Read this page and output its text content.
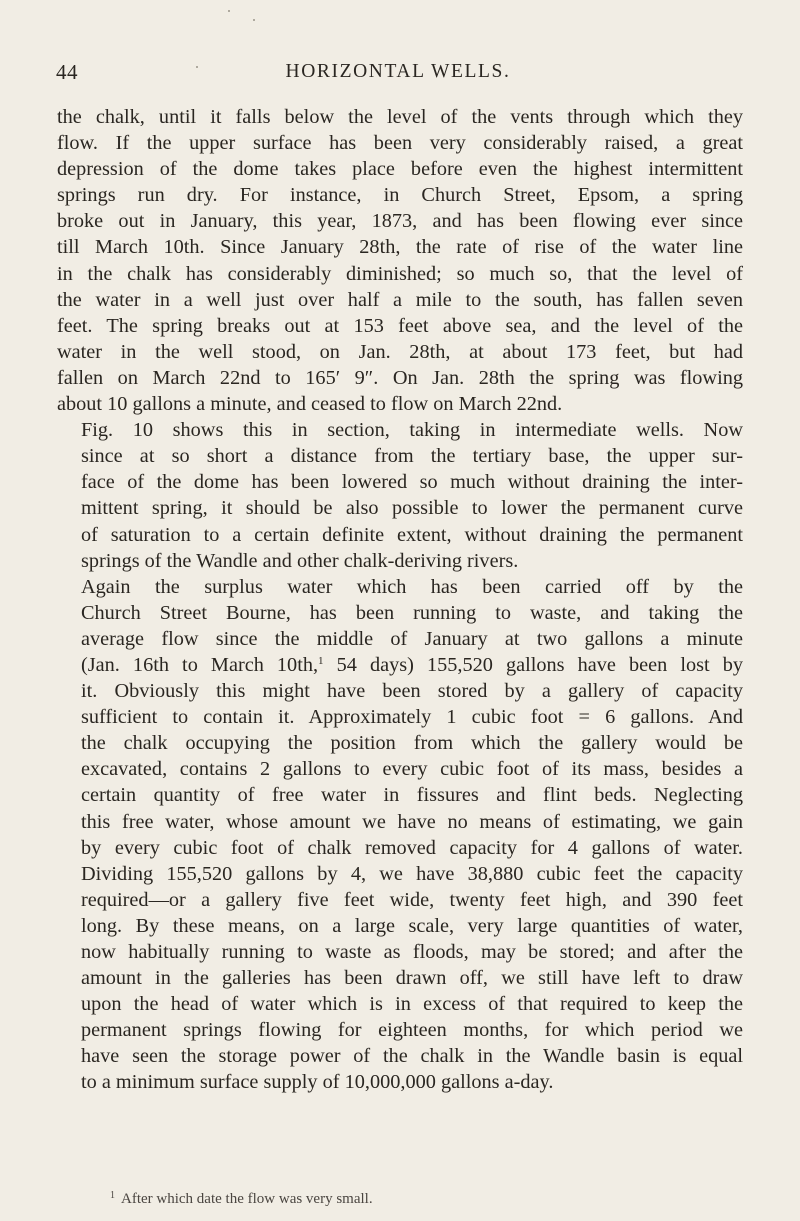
44	HORIZONTAL WELLS.

the chalk, until it falls below the level of the vents through which they
flow. If the upper surface has been very considerably raised, a great
depression of the dome takes place before even the highest intermittent
springs run dry. For instance, in Church Street, Epsom, a spring
broke out in January, this year, 1873, and has been flowing ever since
till March 10th. Since January 28th, the rate of rise of the water line
in the chalk has considerably diminished; so much so, that the level of
the water in a well just over half a mile to the south, has fallen seven
feet. The spring breaks out at 153 feet above sea, and the level of the
water in the well stood, on Jan. 28th, at about 173 feet, but had
fallen on March 22nd to 165′ 9″. On Jan. 28th the spring was flowing
about 10 gallons a minute, and ceased to flow on March 22nd.

Fig. 10 shows this in section, taking in intermediate wells. Now
since at so short a distance from the tertiary base, the upper sur-
face of the dome has been lowered so much without draining the inter-
mittent spring, it should be also possible to lower the permanent curve
of saturation to a certain definite extent, without draining the permanent
springs of the Wandle and other chalk-deriving rivers.

Again the surplus water which has been carried off by the
Church Street Bourne, has been running to waste, and taking the
average flow since the middle of January at two gallons a minute
(Jan. 16th to March 10th,$^1$ 54 days) 155,520 gallons have been lost by
it. Obviously this might have been stored by a gallery of capacity
sufficient to contain it. Approximately 1 cubic foot = 6 gallons. And
the chalk occupying the position from which the gallery would be
excavated, contains 2 gallons to every cubic foot of its mass, besides a
certain quantity of free water in fissures and flint beds. Neglecting
this free water, whose amount we have no means of estimating, we gain
by every cubic foot of chalk removed capacity for 4 gallons of water.
Dividing 155,520 gallons by 4, we have 38,880 cubic feet the capacity
required—or a gallery five feet wide, twenty feet high, and 390 feet
long. By these means, on a large scale, very large quantities of water,
now habitually running to waste as floods, may be stored; and after the
amount in the galleries has been drawn off, we still have left to draw
upon the head of water which is in excess of that required to keep the
permanent springs flowing for eighteen months, for which period we
have seen the storage power of the chalk in the Wandle basin is equal
to a minimum surface supply of 10,000,000 gallons a-day.

$^1$ After which date the flow was very small.
